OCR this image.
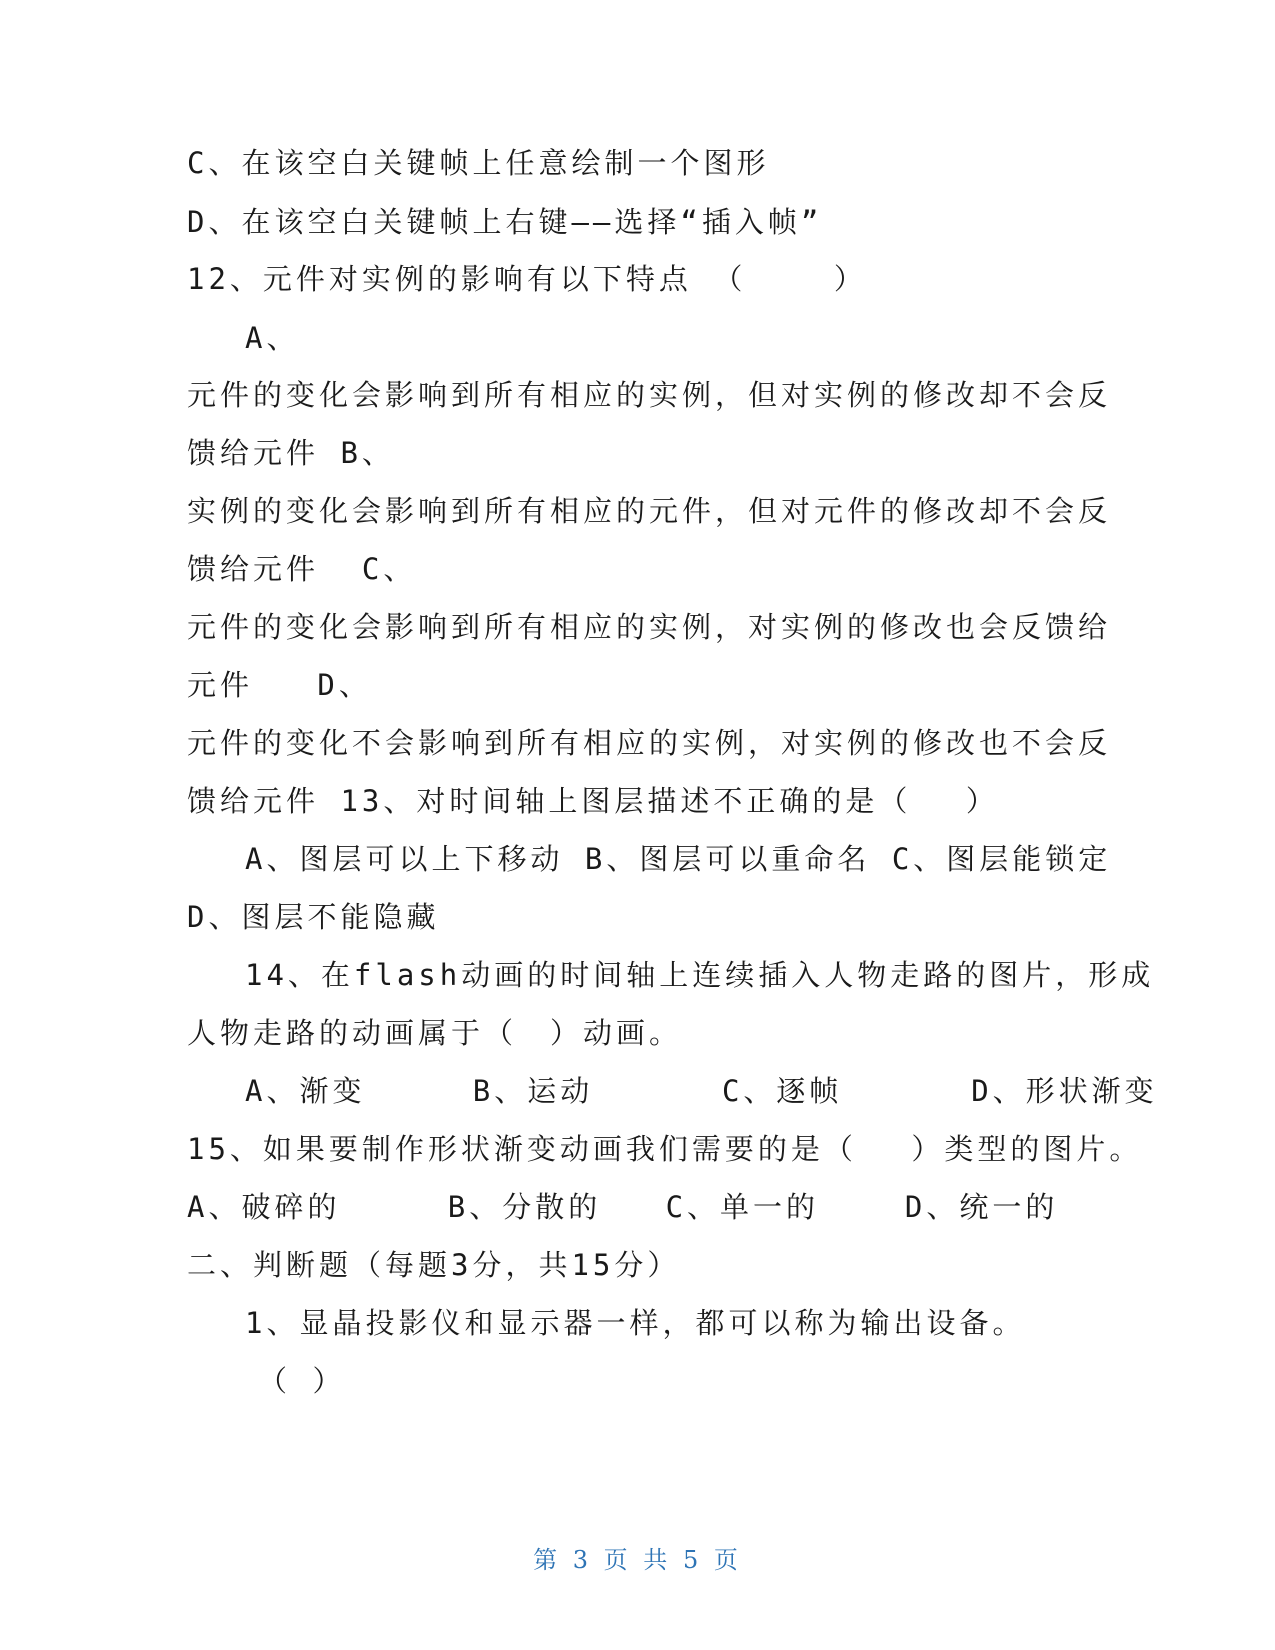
C、在该空白关键帧上任意绘制一个图形
D、在该空白关键帧上右键——选择“插入帧”
12、元件对实例的影响有以下特点 （　　 ）
A、
元件的变化会影响到所有相应的实例，但对实例的修改却不会反
馈给元件 B、
实例的变化会影响到所有相应的元件，但对元件的修改却不会反
馈给元件  C、
元件的变化会影响到所有相应的实例，对实例的修改也会反馈给
元件   D、
元件的变化不会影响到所有相应的实例，对实例的修改也不会反
馈给元件 13、对时间轴上图层描述不正确的是（　 ）
A、图层可以上下移动 B、图层可以重命名 C、图层能锁定
D、图层不能隐藏
14、在flash动画的时间轴上连续插入人物走路的图片，形成
人物走路的动画属于（　）动画。
A、渐变     B、运动      C、逐帧      D、形状渐变
15、如果要制作形状渐变动画我们需要的是（　 ）类型的图片。
A、破碎的     B、分散的   C、单一的    D、统一的
二、判断题（每题3分，共15分）
1、显晶投影仪和显示器一样，都可以称为输出设备。
（ ）
第 3 页 共 5 页
